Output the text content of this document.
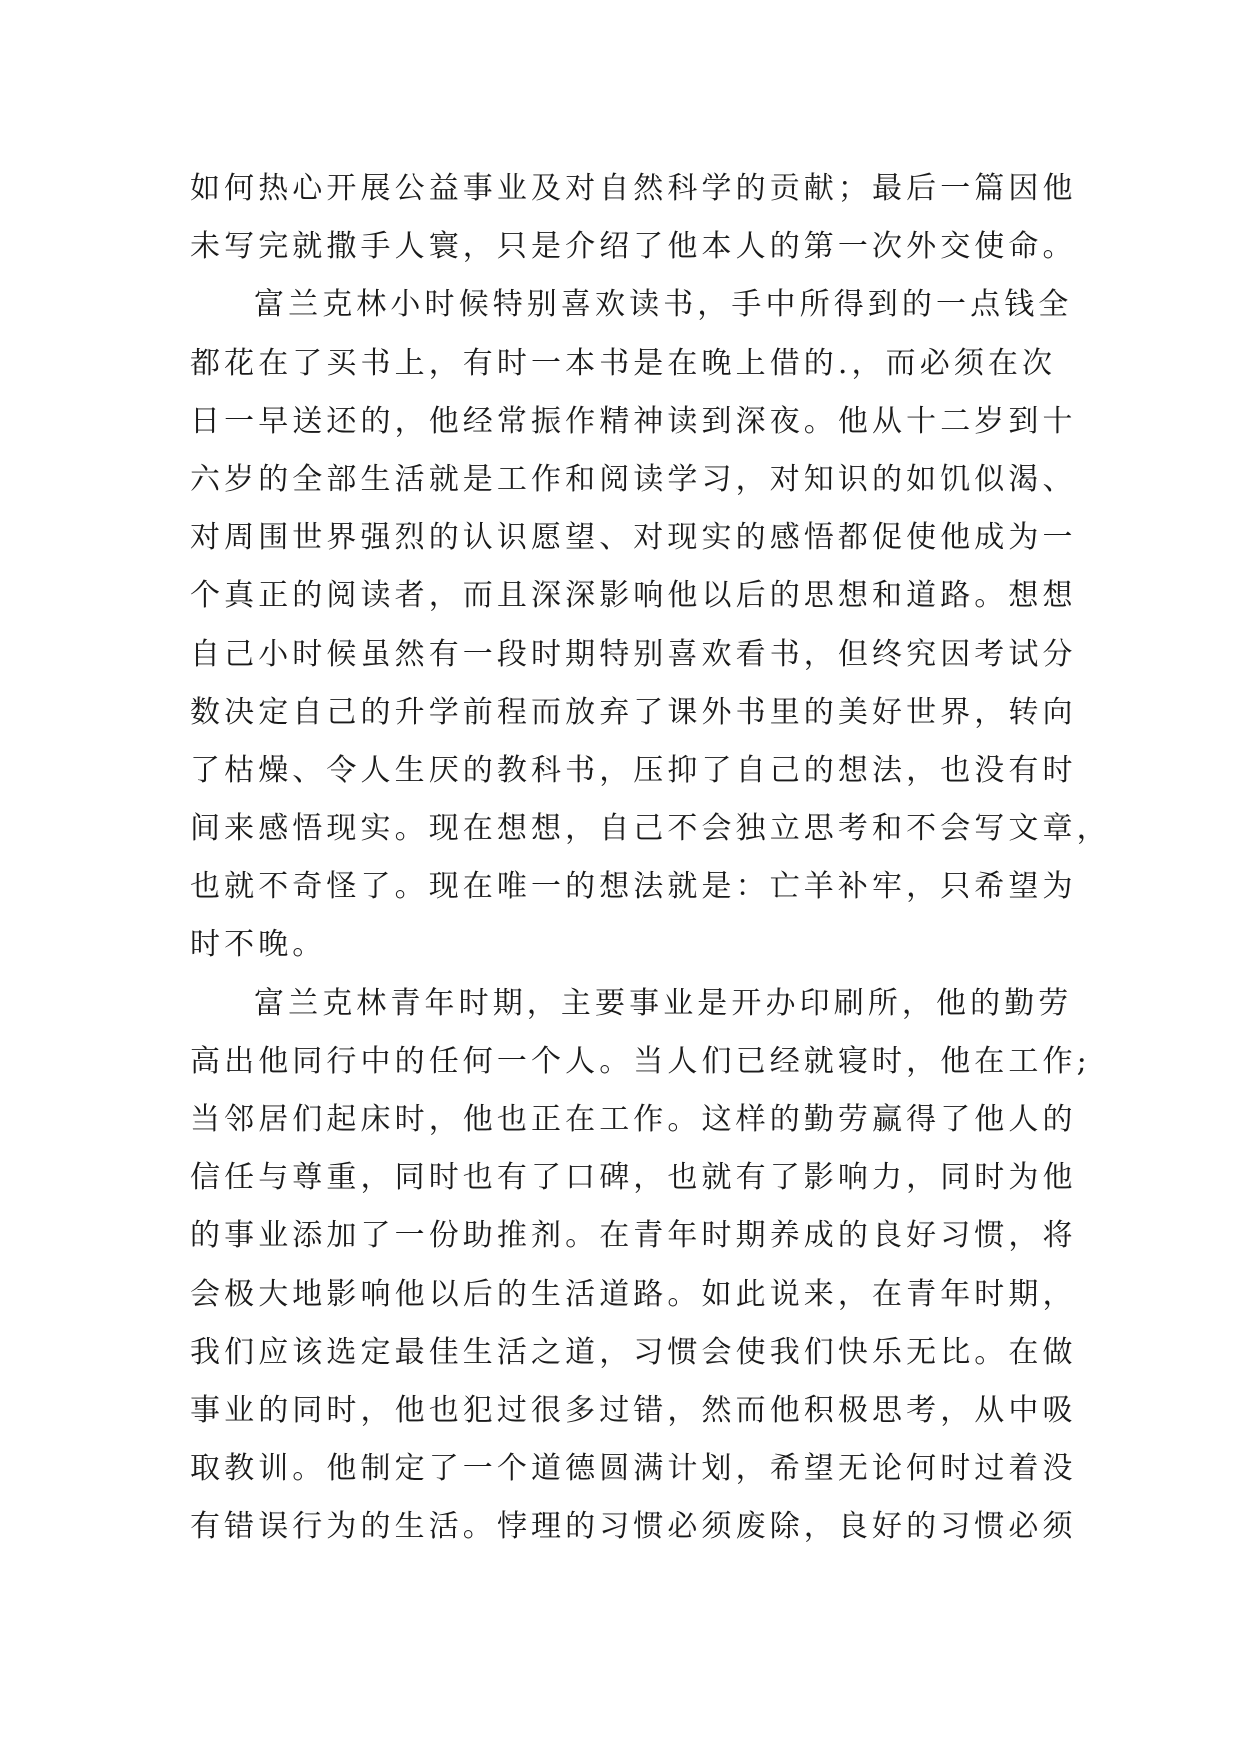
如何热心开展公益事业及对自然科学的贡献；最后一篇因他
未写完就撒手人寰，只是介绍了他本人的第一次外交使命。
富兰克林小时候特别喜欢读书，手中所得到的一点钱全
都花在了买书上，有时一本书是在晚上借的.，而必须在次
日一早送还的，他经常振作精神读到深夜。他从十二岁到十
六岁的全部生活就是工作和阅读学习，对知识的如饥似渴、
对周围世界强烈的认识愿望、对现实的感悟都促使他成为一
个真正的阅读者，而且深深影响他以后的思想和道路。想想
自己小时候虽然有一段时期特别喜欢看书，但终究因考试分
数决定自己的升学前程而放弃了课外书里的美好世界，转向
了枯燥、令人生厌的教科书，压抑了自己的想法，也没有时
间来感悟现实。现在想想，自己不会独立思考和不会写文章，
也就不奇怪了。现在唯一的想法就是：亡羊补牢，只希望为
时不晚。
富兰克林青年时期，主要事业是开办印刷所，他的勤劳
高出他同行中的任何一个人。当人们已经就寝时，他在工作;
当邻居们起床时，他也正在工作。这样的勤劳赢得了他人的
信任与尊重，同时也有了口碑，也就有了影响力，同时为他
的事业添加了一份助推剂。在青年时期养成的良好习惯，将
会极大地影响他以后的生活道路。如此说来，在青年时期，
我们应该选定最佳生活之道，习惯会使我们快乐无比。在做
事业的同时，他也犯过很多过错，然而他积极思考，从中吸
取教训。他制定了一个道德圆满计划，希望无论何时过着没
有错误行为的生活。悖理的习惯必须废除，良好的习惯必须
